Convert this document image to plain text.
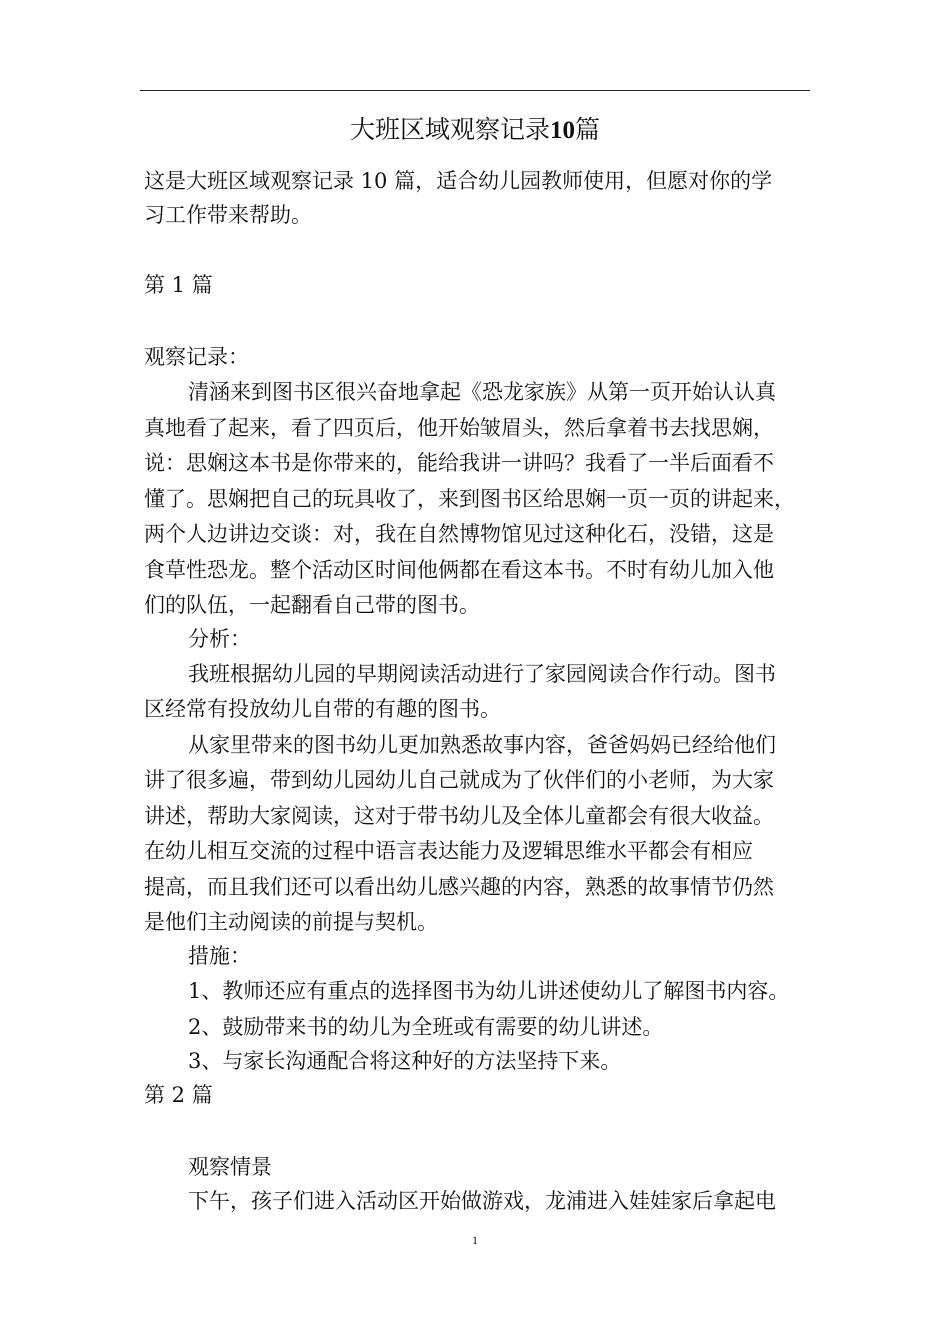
大班区域观察记录10篇
这是大班区域观察记录 10 篇，适合幼儿园教师使用，但愿对你的学
习工作带来帮助。
第 1 篇
观察记录：
清涵来到图书区很兴奋地拿起《恐龙家族》从第一页开始认认真
真地看了起来，看了四页后，他开始皱眉头，然后拿着书去找思娴，
说：思娴这本书是你带来的，能给我讲一讲吗？我看了一半后面看不
懂了。思娴把自己的玩具收了，来到图书区给思娴一页一页的讲起来，
两个人边讲边交谈：对，我在自然博物馆见过这种化石，没错，这是
食草性恐龙。整个活动区时间他俩都在看这本书。不时有幼儿加入他
们的队伍，一起翻看自己带的图书。
分析：
我班根据幼儿园的早期阅读活动进行了家园阅读合作行动。图书
区经常有投放幼儿自带的有趣的图书。
从家里带来的图书幼儿更加熟悉故事内容，爸爸妈妈已经给他们
讲了很多遍，带到幼儿园幼儿自己就成为了伙伴们的小老师，为大家
讲述，帮助大家阅读，这对于带书幼儿及全体儿童都会有很大收益。
在幼儿相互交流的过程中语言表达能力及逻辑思维水平都会有相应
提高，而且我们还可以看出幼儿感兴趣的内容，熟悉的故事情节仍然
是他们主动阅读的前提与契机。
措施：
1、教师还应有重点的选择图书为幼儿讲述使幼儿了解图书内容。
2、鼓励带来书的幼儿为全班或有需要的幼儿讲述。
3、与家长沟通配合将这种好的方法坚持下来。
第 2 篇
观察情景
下午，孩子们进入活动区开始做游戏，龙浦进入娃娃家后拿起电
1
